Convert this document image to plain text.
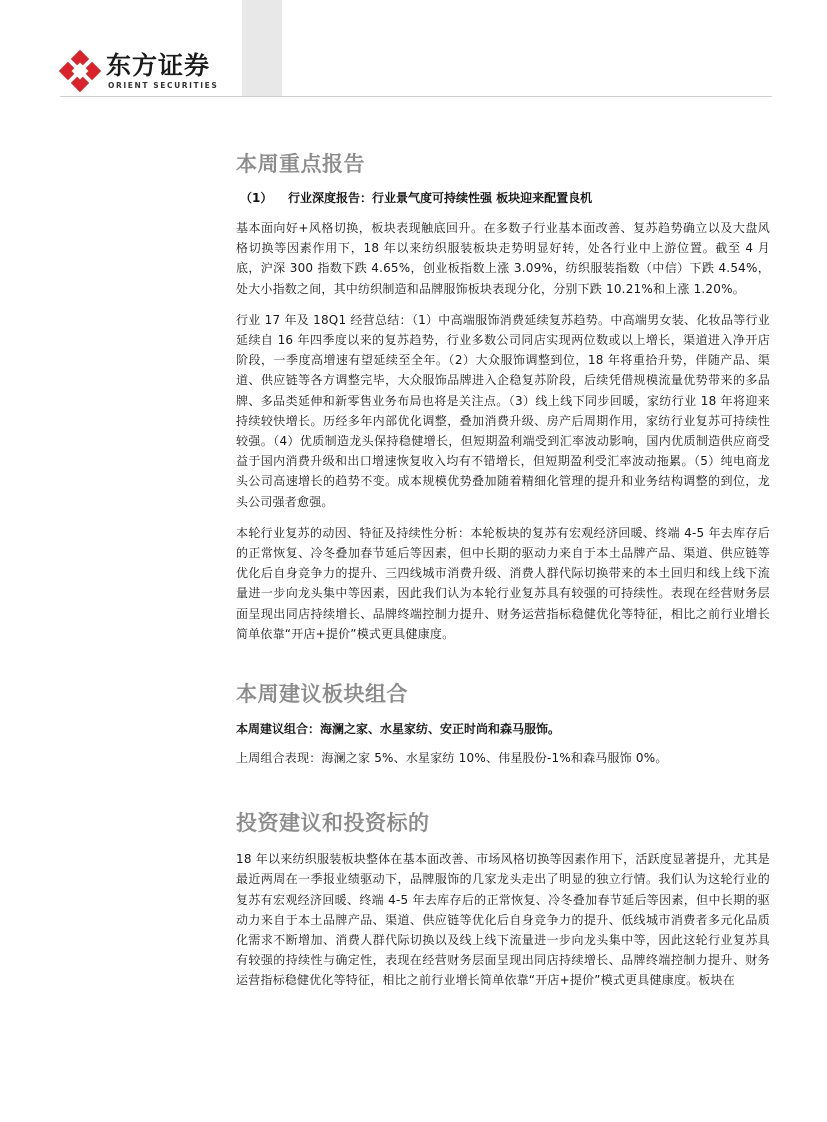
东方证券
ORIENT SECURITIES
本周重点报告
（1） 行业深度报告：行业景气度可持续性强 板块迎来配置良机

基本面向好+风格切换，板块表现触底回升。在多数子行业基本面改善、复苏趋势确立以及大盘风格切换等因素作用下，18 年以来纺织服装板块走势明显好转，处各行业中上游位置。截至 4 月底，沪深 300 指数下跌 4.65%，创业板指数上涨 3.09%，纺织服装指数（中信）下跌 4.54%，处大小指数之间，其中纺织制造和品牌服饰板块表现分化，分别下跌 10.21%和上涨 1.20%。

行业 17 年及 18Q1 经营总结：（1）中高端服饰消费延续复苏趋势。中高端男女装、化妆品等行业延续自 16 年四季度以来的复苏趋势，行业多数公司同店实现两位数或以上增长，渠道进入净开店阶段，一季度高增速有望延续至全年。（2）大众服饰调整到位，18 年将重拾升势，伴随产品、渠道、供应链等各方调整完毕，大众服饰品牌进入企稳复苏阶段，后续凭借规模流量优势带来的多品牌、多品类延伸和新零售业务布局也将是关注点。（3）线上线下同步回暖，家纺行业 18 年将迎来持续较快增长。历经多年内部优化调整，叠加消费升级、房产后周期作用，家纺行业复苏可持续性较强。（4）优质制造龙头保持稳健增长，但短期盈利端受到汇率波动影响，国内优质制造供应商受益于国内消费升级和出口增速恢复收入均有不错增长，但短期盈利受汇率波动拖累。（5）纯电商龙头公司高速增长的趋势不变。成本规模优势叠加随着精细化管理的提升和业务结构调整的到位，龙头公司强者愈强。

本轮行业复苏的动因、特征及持续性分析：本轮板块的复苏有宏观经济回暖、终端 4-5 年去库存后的正常恢复、冷冬叠加春节延后等因素，但中长期的驱动力来自于本土品牌产品、渠道、供应链等优化后自身竞争力的提升、三四线城市消费升级、消费人群代际切换带来的本土回归和线上线下流量进一步向龙头集中等因素，因此我们认为本轮行业复苏具有较强的可持续性。表现在经营财务层面呈现出同店持续增长、品牌终端控制力提升、财务运营指标稳健优化等特征，相比之前行业增长简单依靠“开店+提价”模式更具健康度。

本周建议板块组合

本周建议组合：海澜之家、水星家纺、安正时尚和森马服饰。

上周组合表现：海澜之家 5%、水星家纺 10%、伟星股份-1%和森马服饰 0%。

投资建议和投资标的

18 年以来纺织服装板块整体在基本面改善、市场风格切换等因素作用下，活跃度显著提升，尤其是最近两周在一季报业绩驱动下，品牌服饰的几家龙头走出了明显的独立行情。我们认为这轮行业的复苏有宏观经济回暖、终端 4-5 年去库存后的正常恢复、冷冬叠加春节延后等因素，但中长期的驱动力来自于本土品牌产品、渠道、供应链等优化后自身竞争力的提升、低线城市消费者多元化品质化需求不断增加、消费人群代际切换以及线上线下流量进一步向龙头集中等，因此这轮行业复苏具有较强的持续性与确定性，表现在经营财务层面呈现出同店持续增长、品牌终端控制力提升、财务运营指标稳健优化等特征，相比之前行业增长简单依靠“开店+提价”模式更具健康度。板块在
